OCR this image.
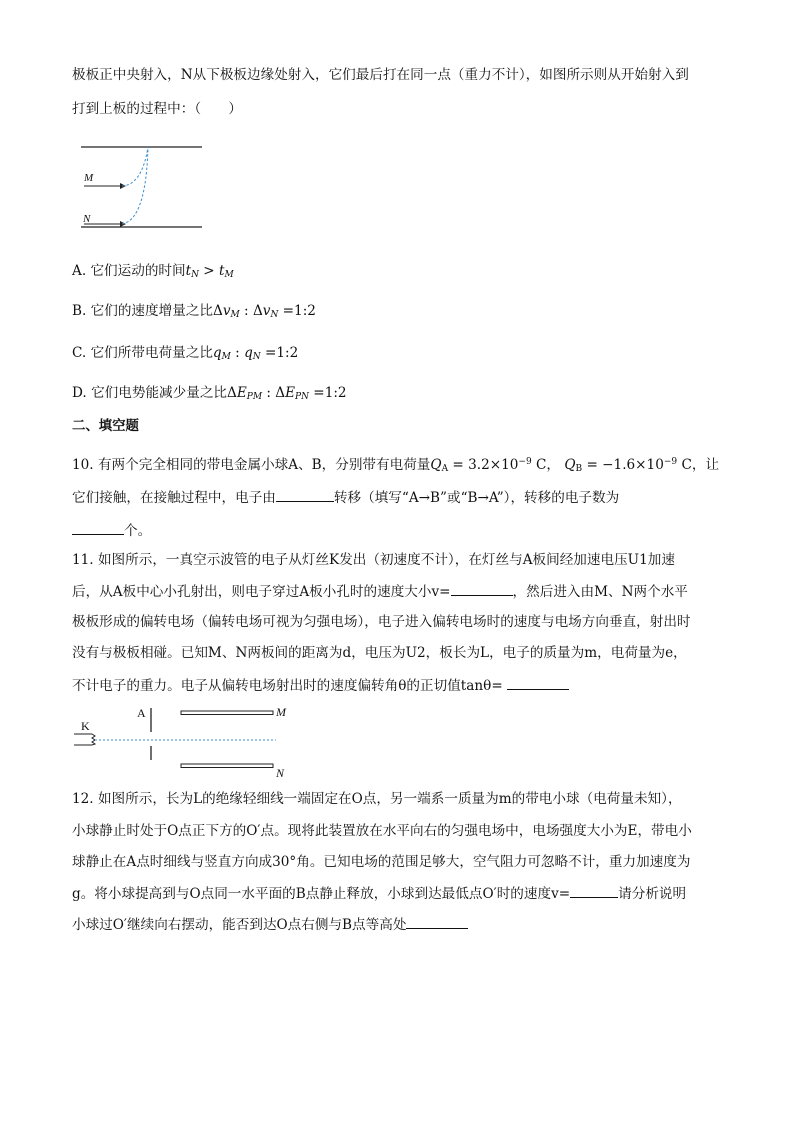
极板正中央射入，N从下极板边缘处射入，它们最后打在同一点（重力不计），如图所示则从开始射入到
打到上板的过程中：（　　）
M
N
A. 它们运动的时间$t_N > t_M$
B. 它们的速度增量之比$\Delta v_M$ : $\Delta v_N$ =1:2
C. 它们所带电荷量之比$q_M$ : $q_N$ =1:2
D. 它们电势能减少量之比$\Delta E_{PM}$ : $\Delta E_{PN}$ =1:2
二、填空题
10. 有两个完全相同的带电金属小球A、B，分别带有电荷量$Q_A = 3.2\times 10^{-9}$ C， $Q_B = -1.6\times 10^{-9}$ C，让
它们接触，在接触过程中，电子由	转移（填写“A→B”或“B→A”），转移的电子数为
个。
11. 如图所示，一真空示波管的电子从灯丝K发出（初速度不计），在灯丝与A板间经加速电压U1加速
后，从A板中心小孔射出，则电子穿过A板小孔时的速度大小v=	，然后进入由M、N两个水平
极板形成的偏转电场（偏转电场可视为匀强电场），电子进入偏转电场时的速度与电场方向垂直，射出时
没有与极板相碰。已知M、N两板间的距离为d，电压为U2，板长为L，电子的质量为m，电荷量为e，
不计电子的重力。电子从偏转电场射出时的速度偏转角θ的正切值tanθ=
K
A	M
N
12. 如图所示，长为L的绝缘轻细线一端固定在O点，另一端系一质量为m的带电小球（电荷量未知），
小球静止时处于O点正下方的O′点。现将此装置放在水平向右的匀强电场中，电场强度大小为E，带电小
球静止在A点时细线与竖直方向成30°角。已知电场的范围足够大，空气阻力可忽略不计，重力加速度为
g。将小球提高到与O点同一水平面的B点静止释放，小球到达最低点O′时的速度v=	请分析说明
小球过O′继续向右摆动，能否到达O点右侧与B点等高处
